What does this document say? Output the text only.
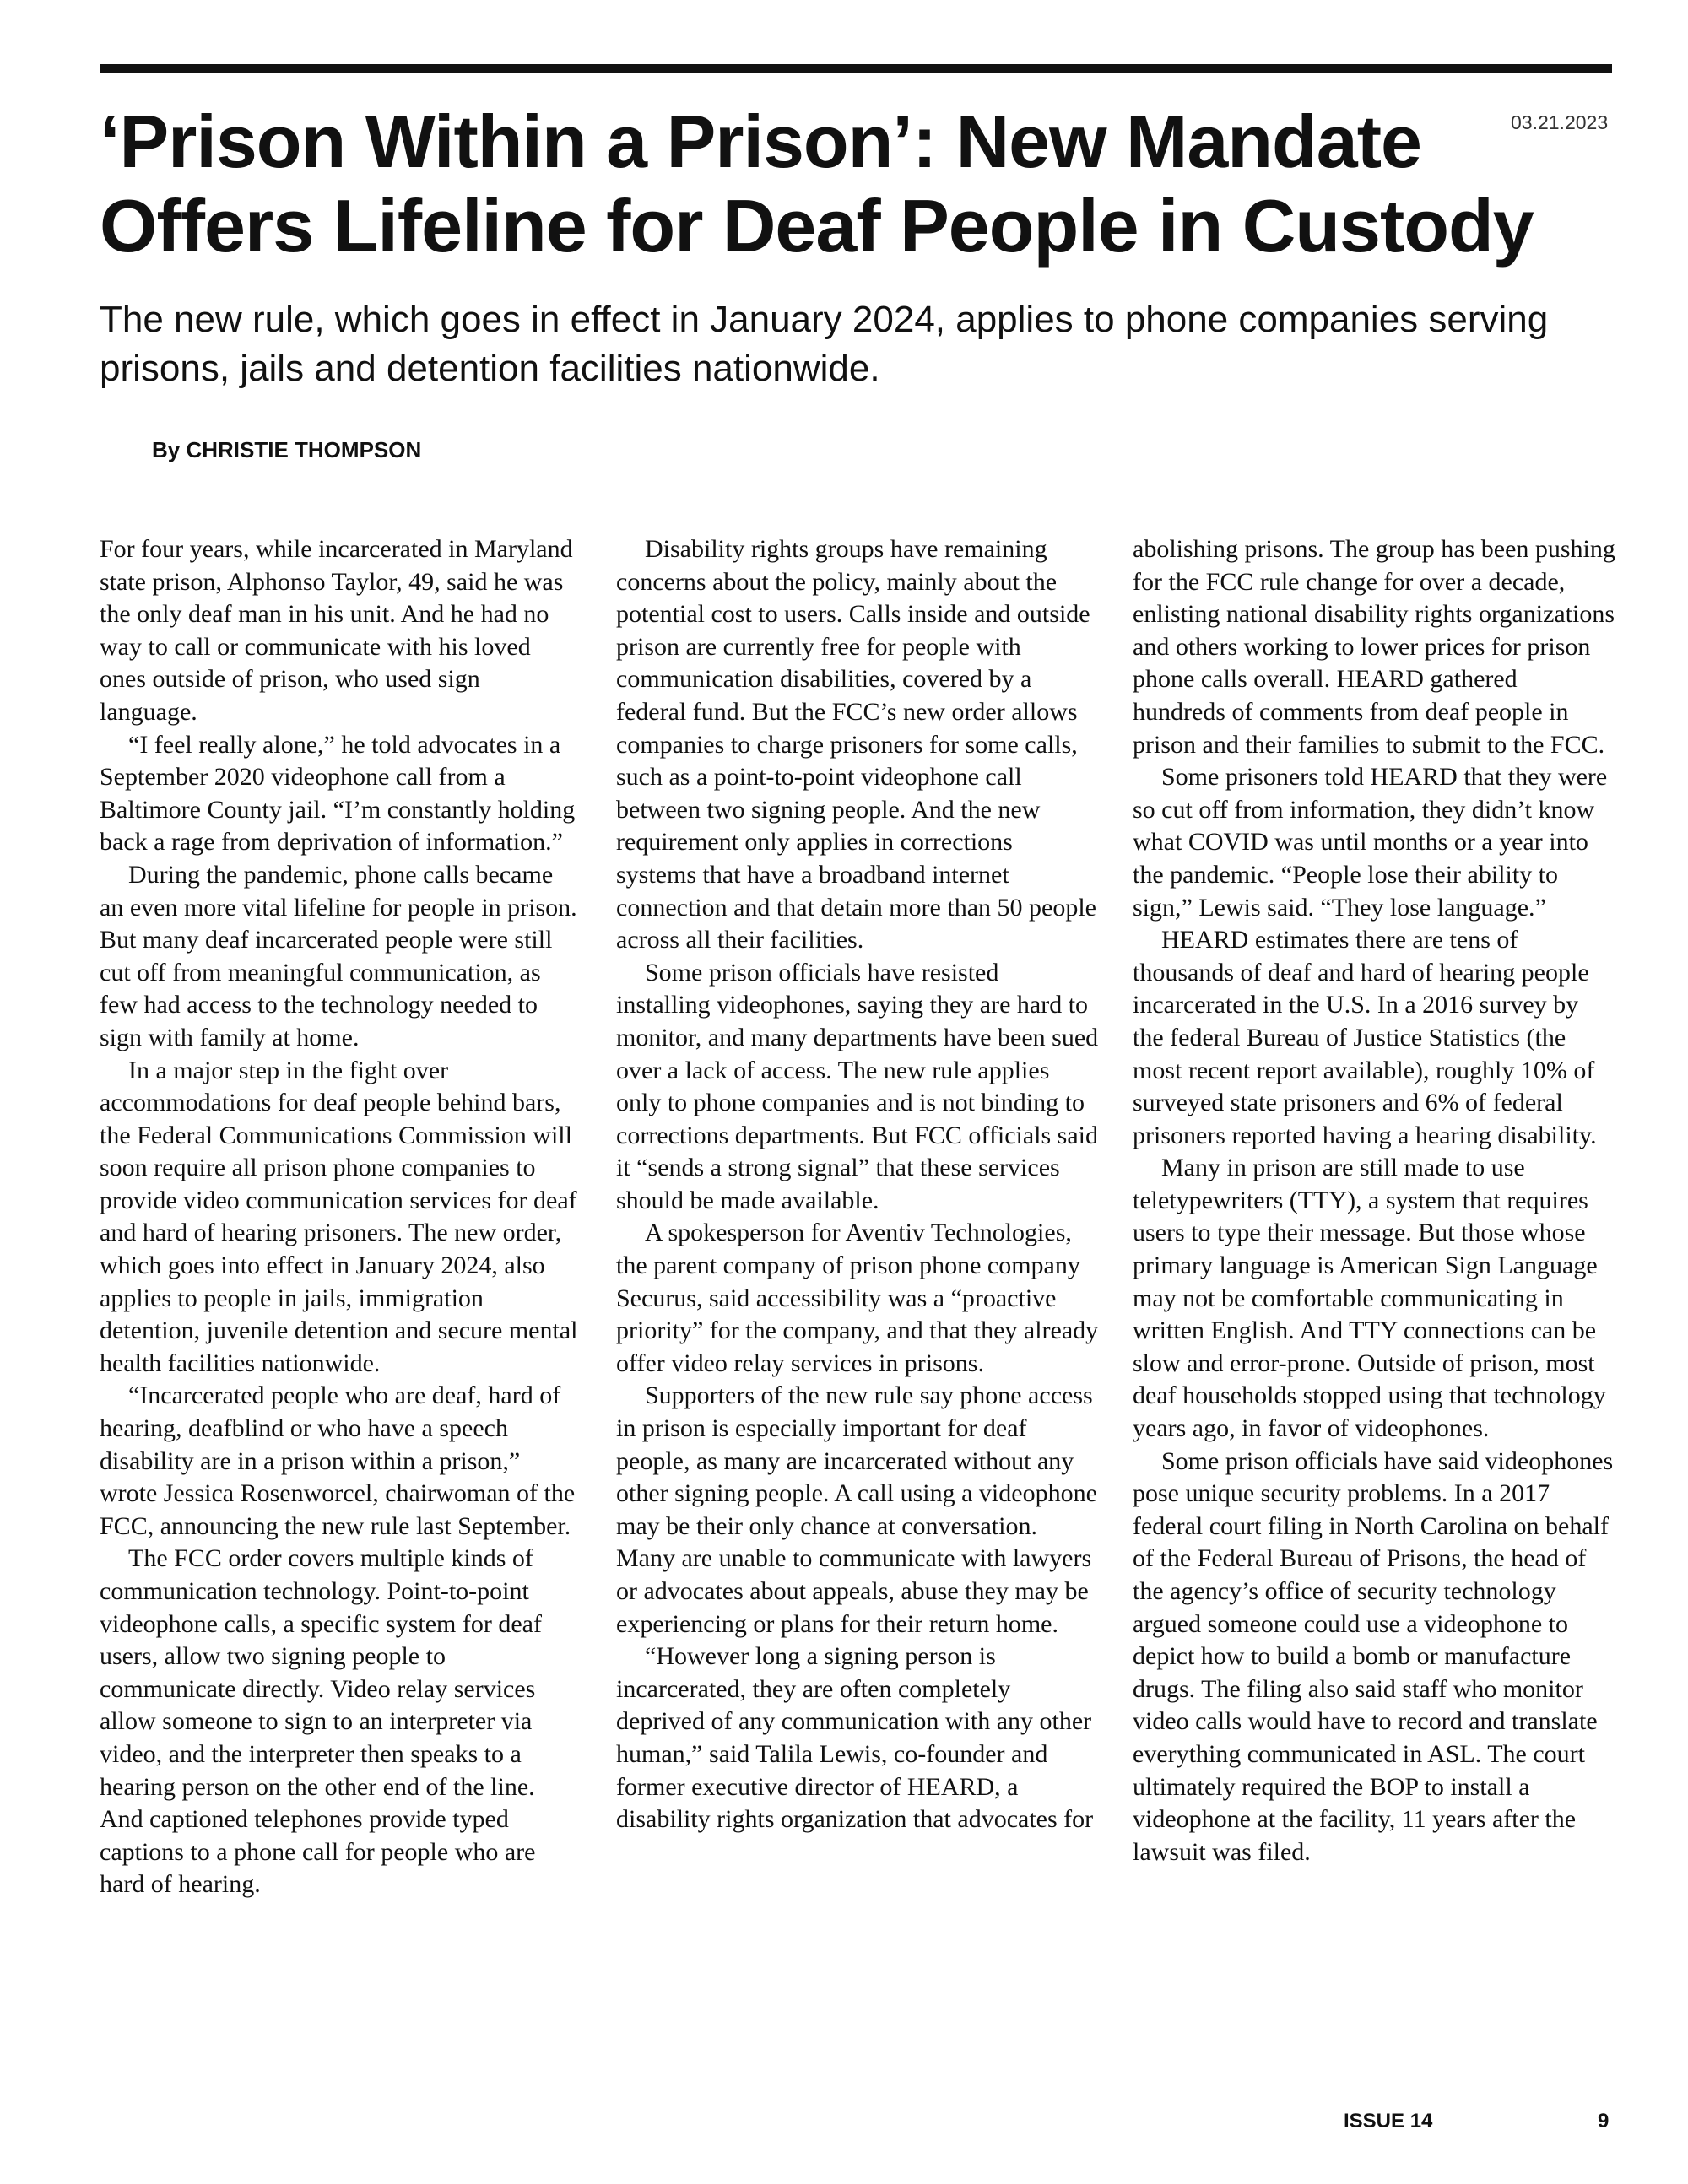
‘Prison Within a Prison’: New Mandate Offers Lifeline for Deaf People in Custody
03.21.2023

The new rule, which goes in effect in January 2024, applies to phone companies serving prisons, jails and detention facilities nationwide.

By CHRISTIE THOMPSON

For four years, while incarcerated in Maryland state prison, Alphonso Taylor, 49, said he was the only deaf man in his unit. And he had no way to call or communicate with his loved ones outside of prison, who used sign language.

“I feel really alone,” he told advocates in a September 2020 videophone call from a Baltimore County jail. “I’m constantly holding back a rage from deprivation of information.”

During the pandemic, phone calls became an even more vital lifeline for people in prison. But many deaf incarcerated people were still cut off from meaningful communication, as few had access to the technology needed to sign with family at home.

In a major step in the fight over accommodations for deaf people behind bars, the Federal Communications Commission will soon require all prison phone companies to provide video communication services for deaf and hard of hearing prisoners. The new order, which goes into effect in January 2024, also applies to people in jails, immigration detention, juvenile detention and secure mental health facilities nationwide.

“Incarcerated people who are deaf, hard of hearing, deafblind or who have a speech disability are in a prison within a prison,” wrote Jessica Rosenworcel, chairwoman of the FCC, announcing the new rule last September.

The FCC order covers multiple kinds of communication technology. Point-to-point videophone calls, a specific system for deaf users, allow two signing people to communicate directly. Video relay services allow someone to sign to an interpreter via video, and the interpreter then speaks to a hearing person on the other end of the line. And captioned telephones provide typed captions to a phone call for people who are hard of hearing.

Disability rights groups have remaining concerns about the policy, mainly about the potential cost to users. Calls inside and outside prison are currently free for people with communication disabilities, covered by a federal fund. But the FCC’s new order allows companies to charge prisoners for some calls, such as a point-to-point videophone call between two signing people. And the new requirement only applies in corrections systems that have a broadband internet connection and that detain more than 50 people across all their facilities.

Some prison officials have resisted installing videophones, saying they are hard to monitor, and many departments have been sued over a lack of access. The new rule applies only to phone companies and is not binding to corrections departments. But FCC officials said it “sends a strong signal” that these services should be made available.

A spokesperson for Aventiv Technologies, the parent company of prison phone company Securus, said accessibility was a “proactive priority” for the company, and that they already offer video relay services in prisons.

Supporters of the new rule say phone access in prison is especially important for deaf people, as many are incarcerated without any other signing people. A call using a videophone may be their only chance at conversation. Many are unable to communicate with lawyers or advocates about appeals, abuse they may be experiencing or plans for their return home.

“However long a signing person is incarcerated, they are often completely deprived of any communication with any other human,” said Talila Lewis, co-founder and former executive director of HEARD, a disability rights organization that advocates for

abolishing prisons. The group has been pushing for the FCC rule change for over a decade, enlisting national disability rights organizations and others working to lower prices for prison phone calls overall. HEARD gathered hundreds of comments from deaf people in prison and their families to submit to the FCC.

Some prisoners told HEARD that they were so cut off from information, they didn’t know what COVID was until months or a year into the pandemic. “People lose their ability to sign,” Lewis said. “They lose language.”

HEARD estimates there are tens of thousands of deaf and hard of hearing people incarcerated in the U.S. In a 2016 survey by the federal Bureau of Justice Statistics (the most recent report available), roughly 10% of surveyed state prisoners and 6% of federal prisoners reported having a hearing disability.

Many in prison are still made to use teletypewriters (TTY), a system that requires users to type their message. But those whose primary language is American Sign Language may not be comfortable communicating in written English. And TTY connections can be slow and error-prone. Outside of prison, most deaf households stopped using that technology years ago, in favor of videophones.

Some prison officials have said videophones pose unique security problems. In a 2017 federal court filing in North Carolina on behalf of the Federal Bureau of Prisons, the head of the agency’s office of security technology argued someone could use a videophone to depict how to build a bomb or manufacture drugs. The filing also said staff who monitor video calls would have to record and translate everything communicated in ASL. The court ultimately required the BOP to install a videophone at the facility, 11 years after the lawsuit was filed.

ISSUE 14	9
